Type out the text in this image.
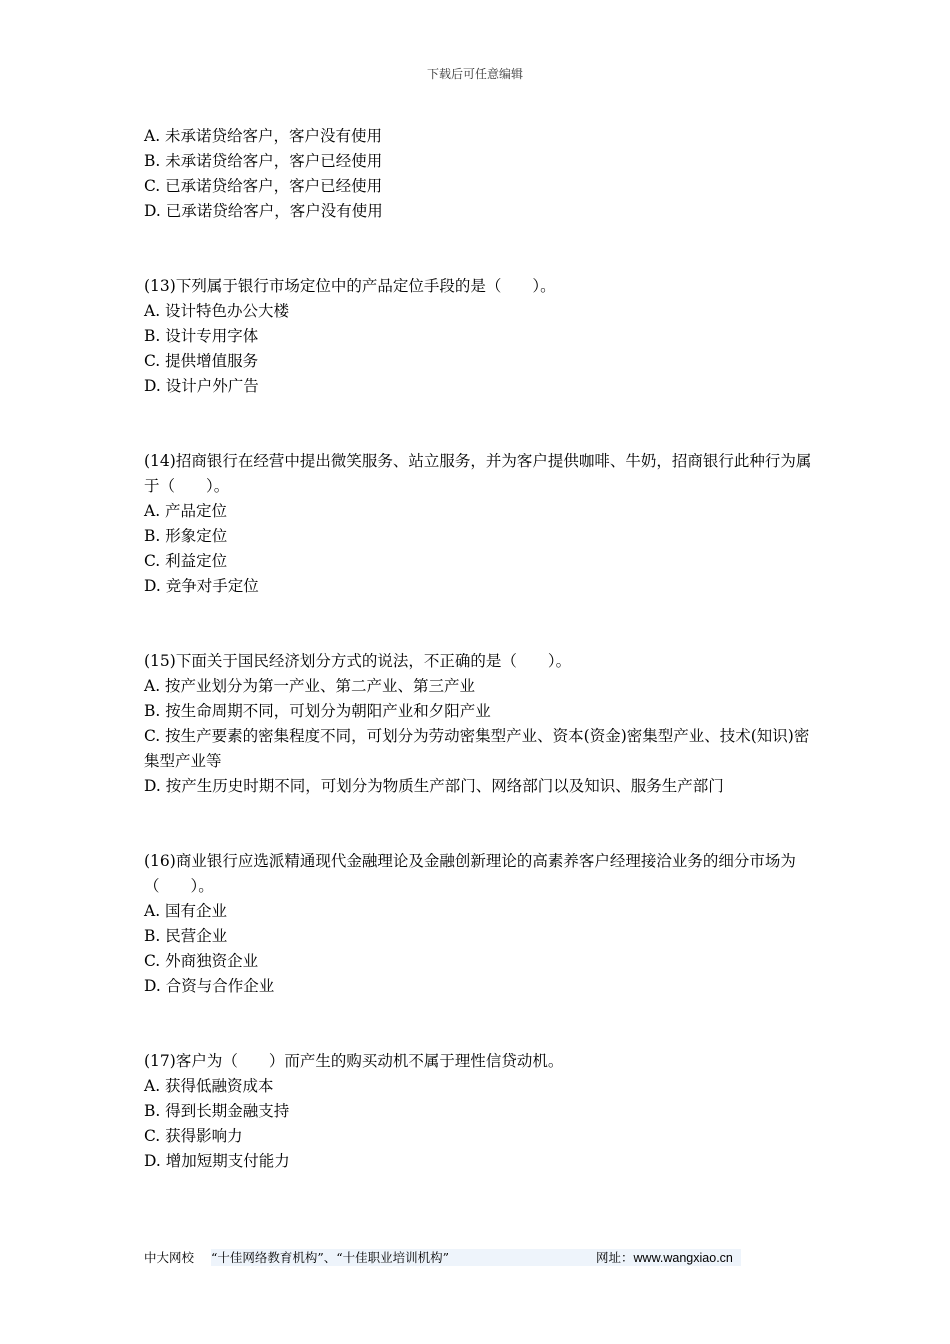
下载后可任意编辑
A. 未承诺贷给客户，客户没有使用
B. 未承诺贷给客户，客户已经使用
C. 已承诺贷给客户，客户已经使用
D. 已承诺贷给客户，客户没有使用
(13)下列属于银行市场定位中的产品定位手段的是（　　）。
A. 设计特色办公大楼
B. 设计专用字体
C. 提供增值服务
D. 设计户外广告
(14)招商银行在经营中提出微笑服务、站立服务，并为客户提供咖啡、牛奶，招商银行此种行为属于（　　）。
A. 产品定位
B. 形象定位
C. 利益定位
D. 竞争对手定位
(15)下面关于国民经济划分方式的说法，不正确的是（　　）。
A. 按产业划分为第一产业、第二产业、第三产业
B. 按生命周期不同，可划分为朝阳产业和夕阳产业
C. 按生产要素的密集程度不同，可划分为劳动密集型产业、资本(资金)密集型产业、技术(知识)密集型产业等
D. 按产生历史时期不同，可划分为物质生产部门、网络部门以及知识、服务生产部门
(16)商业银行应选派精通现代金融理论及金融创新理论的高素养客户经理接洽业务的细分市场为（　　）。
A. 国有企业
B. 民营企业
C. 外商独资企业
D. 合资与合作企业
(17)客户为（　　）而产生的购买动机不属于理性信贷动机。
A. 获得低融资成本
B. 得到长期金融支持
C. 获得影响力
D. 增加短期支付能力
中大网校 “十佳网络教育机构”、“十佳职业培训机构”	网址：www.wangxiao.cn
